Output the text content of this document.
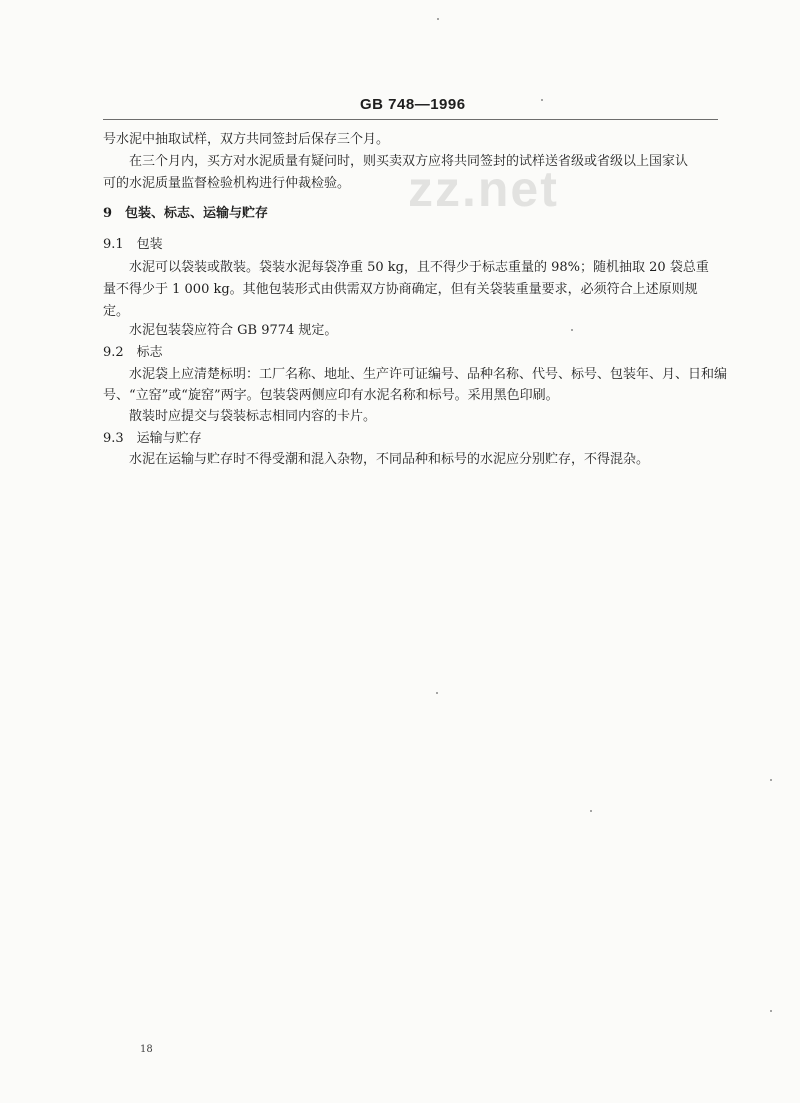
GB 748—1996
zz.net
号水泥中抽取试样，双方共同签封后保存三个月。
在三个月内，买方对水泥质量有疑问时，则买卖双方应将共同签封的试样送省级或省级以上国家认
可的水泥质量监督检验机构进行仲裁检验。
9　包装、标志、运输与贮存
9.1　包装
水泥可以袋装或散装。袋装水泥每袋净重 50 kg，且不得少于标志重量的 98%；随机抽取 20 袋总重
量不得少于 1 000 kg。其他包装形式由供需双方协商确定，但有关袋装重量要求，必须符合上述原则规
定。
水泥包装袋应符合 GB 9774 规定。
9.2　标志
水泥袋上应清楚标明：工厂名称、地址、生产许可证编号、品种名称、代号、标号、包装年、月、日和编
号、“立窑”或“旋窑”两字。包装袋两侧应印有水泥名称和标号。采用黑色印刷。
散装时应提交与袋装标志相同内容的卡片。
9.3　运输与贮存
水泥在运输与贮存时不得受潮和混入杂物，不同品种和标号的水泥应分别贮存，不得混杂。
18
